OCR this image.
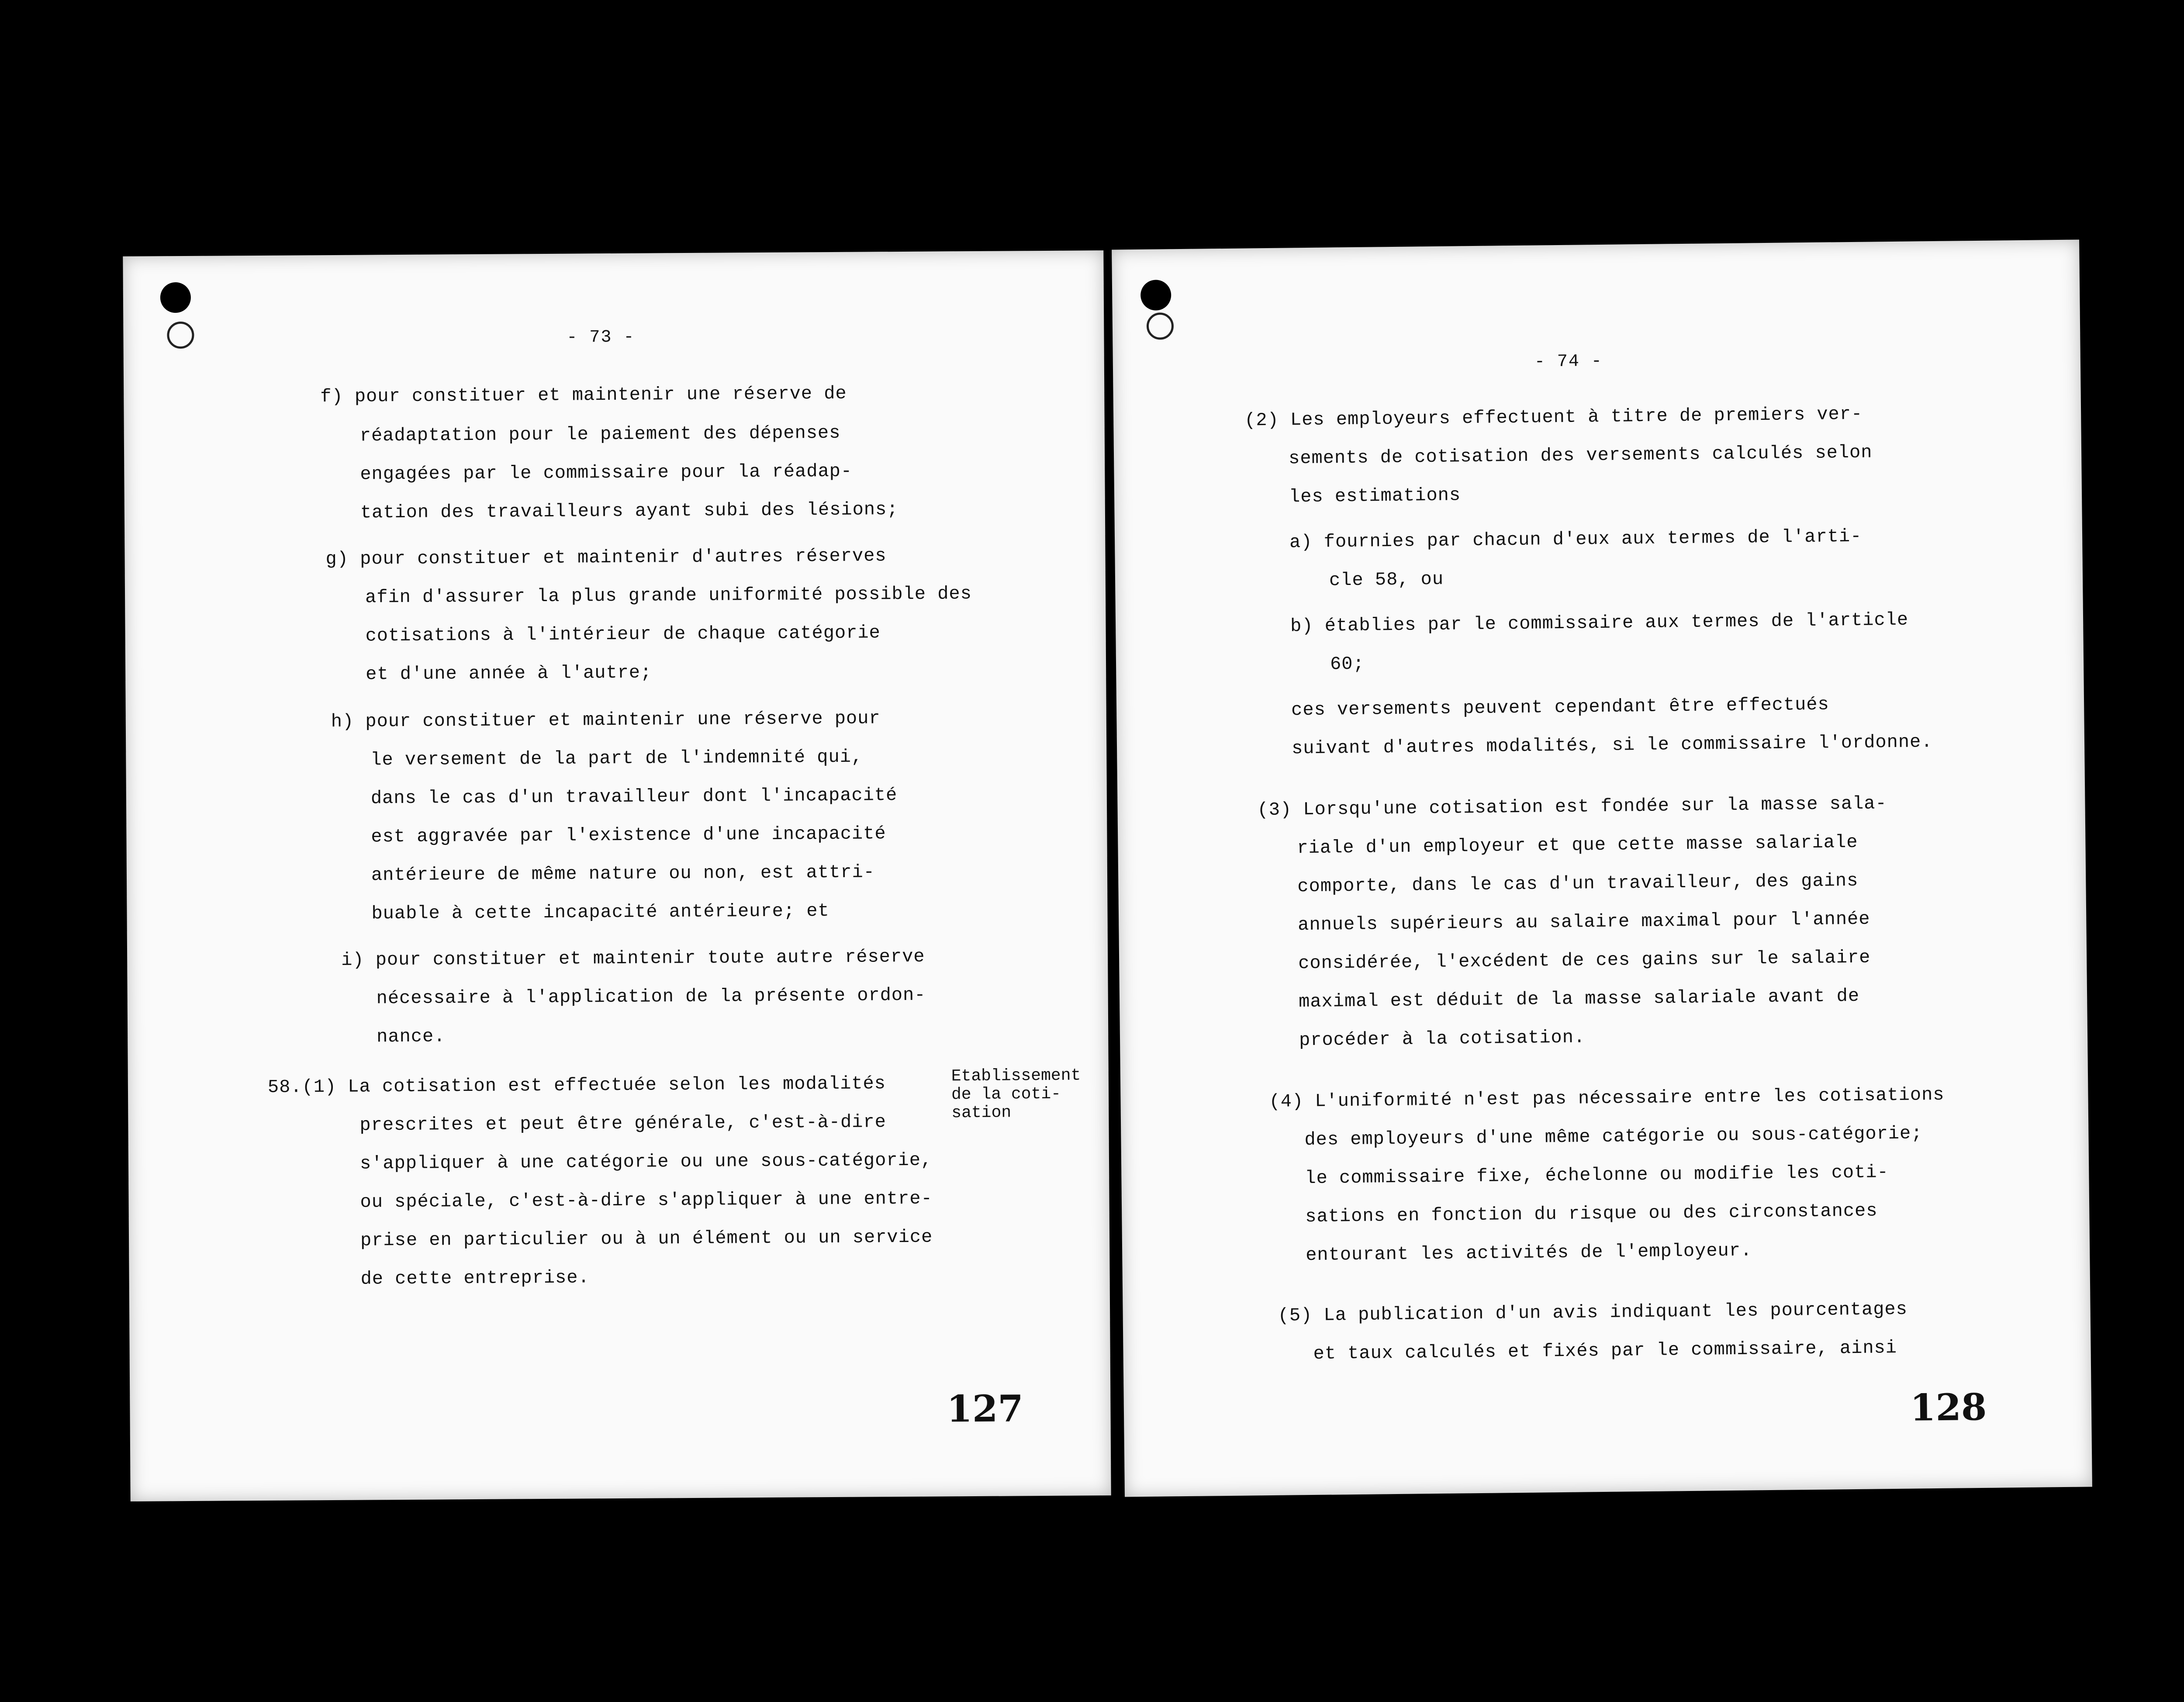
- 73 -
f) pour constituer et maintenir une réserve de
réadaptation pour le paiement des dépenses
engagées par le commissaire pour la réadap-
tation des travailleurs ayant subi des lésions;
g) pour constituer et maintenir d'autres réserves
afin d'assurer la plus grande uniformité possible des
cotisations à l'intérieur de chaque catégorie
et d'une année à l'autre;
h) pour constituer et maintenir une réserve pour
le versement de la part de l'indemnité qui,
dans le cas d'un travailleur dont l'incapacité
est aggravée par l'existence d'une incapacité
antérieure de même nature ou non, est attri-
buable à cette incapacité antérieure; et
i) pour constituer et maintenir toute autre réserve
nécessaire à l'application de la présente ordon-
nance.
58.(1) La cotisation est effectuée selon les modalités
prescrites et peut être générale, c'est-à-dire
s'appliquer à une catégorie ou une sous-catégorie,
ou spéciale, c'est-à-dire s'appliquer à une entre-
prise en particulier ou à un élément ou un service
de cette entreprise.
Etablissement
de la coti-
sation
127
- 74 -
(2) Les employeurs effectuent à titre de premiers ver-
sements de cotisation des versements calculés selon
les estimations
a) fournies par chacun d'eux aux termes de l'arti-
cle 58, ou
b) établies par le commissaire aux termes de l'article
60;
ces versements peuvent cependant être effectués
suivant d'autres modalités, si le commissaire l'ordonne.
(3) Lorsqu'une cotisation est fondée sur la masse sala-
riale d'un employeur et que cette masse salariale
comporte, dans le cas d'un travailleur, des gains
annuels supérieurs au salaire maximal pour l'année
considérée, l'excédent de ces gains sur le salaire
maximal est déduit de la masse salariale avant de
procéder à la cotisation.
(4) L'uniformité n'est pas nécessaire entre les cotisations
des employeurs d'une même catégorie ou sous-catégorie;
le commissaire fixe, échelonne ou modifie les coti-
sations en fonction du risque ou des circonstances
entourant les activités de l'employeur.
(5) La publication d'un avis indiquant les pourcentages
et taux calculés et fixés par le commissaire, ainsi
128
